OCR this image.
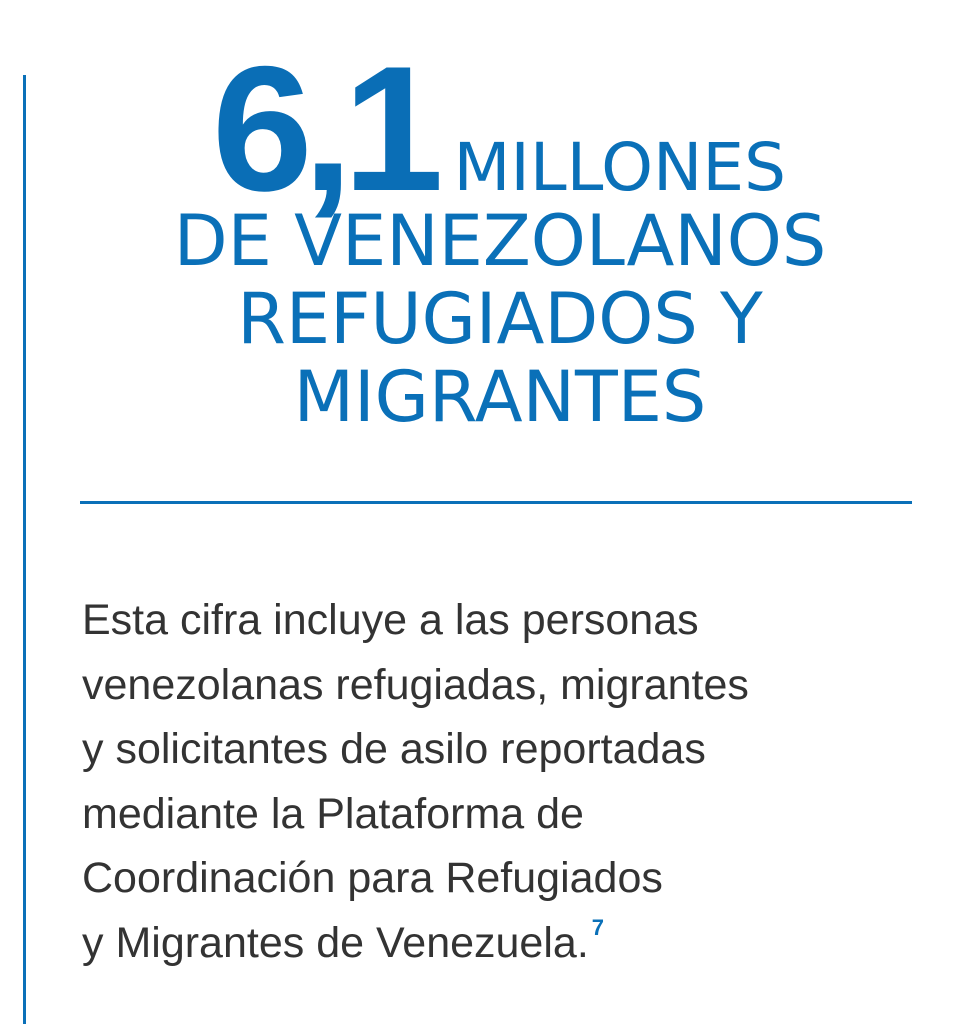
6,1 MILLONES
DE VENEZOLANOS
REFUGIADOS Y
MIGRANTES
Esta cifra incluye a las personas
venezolanas refugiadas, migrantes
y solicitantes de asilo reportadas
mediante la Plataforma de
Coordinación para Refugiados
y Migrantes de Venezuela. $^7$
